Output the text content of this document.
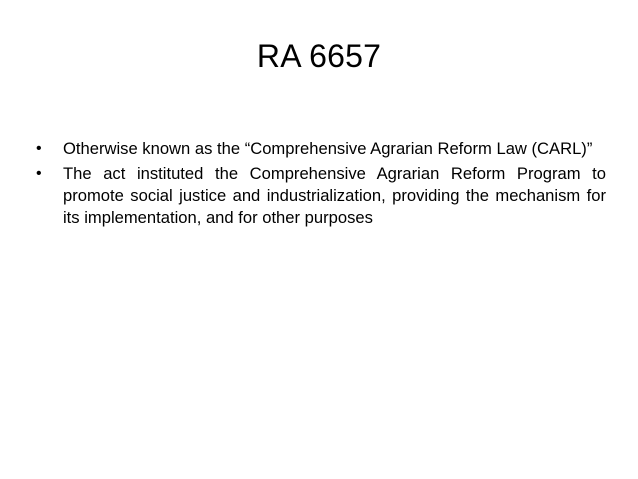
RA 6657
•	Otherwise known as the “Comprehensive Agrarian Reform Law (CARL)”
•	The act instituted the Comprehensive Agrarian Reform Program to promote social justice and industrialization, providing the mechanism for its implementation, and for other purposes
